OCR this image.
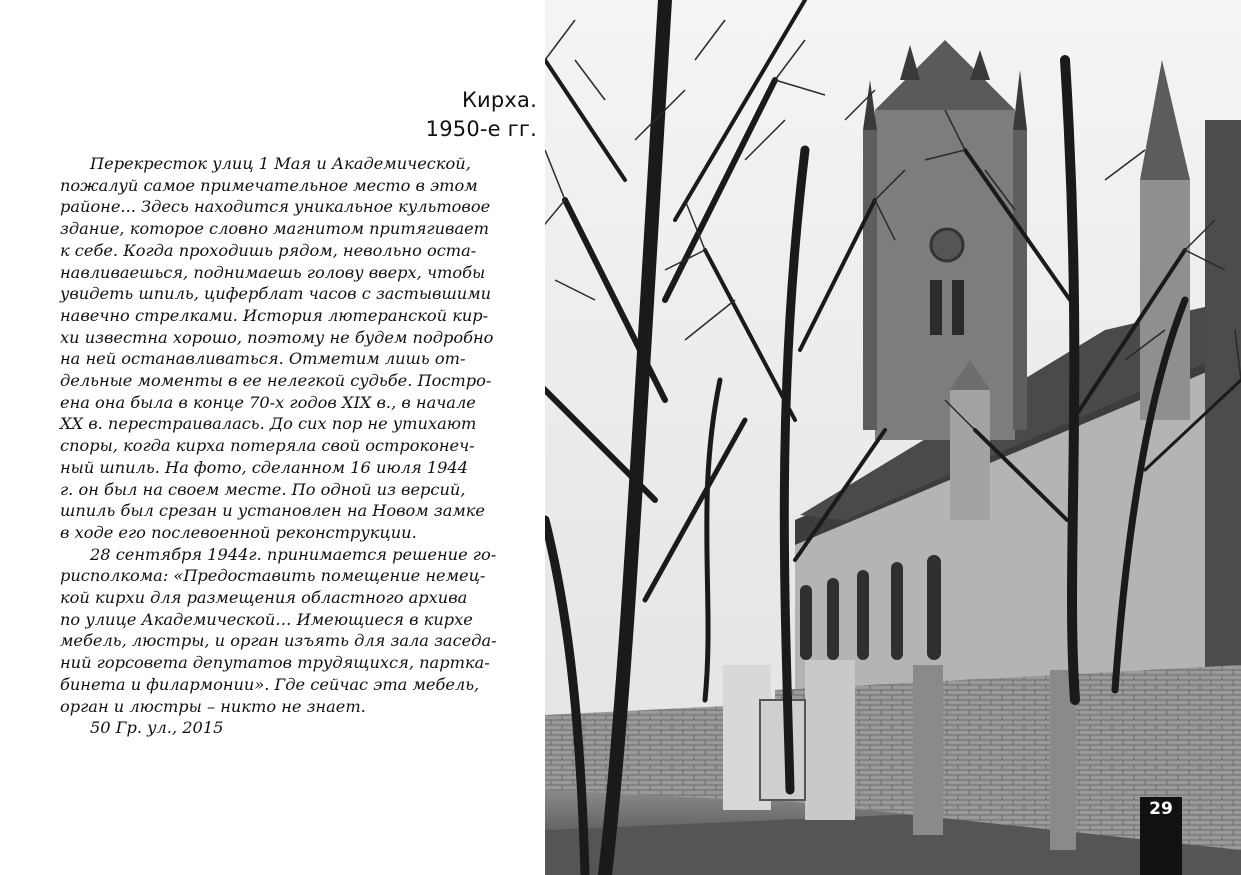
Кирха.
1950-е гг.
Перекресток улиц 1 Мая и Академической,
пожалуй самое примечательное место в этом
районе... Здесь находится уникальное культовое
здание, которое словно магнитом притягивает
к себе. Когда проходишь рядом, невольно оста-
навливаешься, поднимаешь голову вверх, чтобы
увидеть шпиль, циферблат часов с застывшими
навечно стрелками. История лютеранской кир-
хи известна хорошо, поэтому не будем подробно
на ней останавливаться. Отметим лишь от-
дельные моменты в ее нелегкой судьбе. Постро-
ена она была в конце 70-х годов XIX в., в начале
XX в. перестраивалась. До сих пор не утихают
споры, когда кирха потеряла свой остроконеч-
ный шпиль. На фото, сделанном 16 июля 1944
г. он был на своем месте. По одной из версий,
шпиль был срезан и установлен на Новом замке
в ходе его послевоенной реконструкции.
28 сентября 1944г. принимается решение го-
рисполкома: «Предоставить помещение немец-
кой кирхи для размещения областного архива
по улице Академической… Имеющиеся в кирхе
мебель, люстры, и орган изъять для зала заседа-
ний горсовета депутатов трудящихся, партка-
бинета и филармонии». Где сейчас эта мебель,
орган и люстры – никто не знает.
50 Гр. ул., 2015
29
